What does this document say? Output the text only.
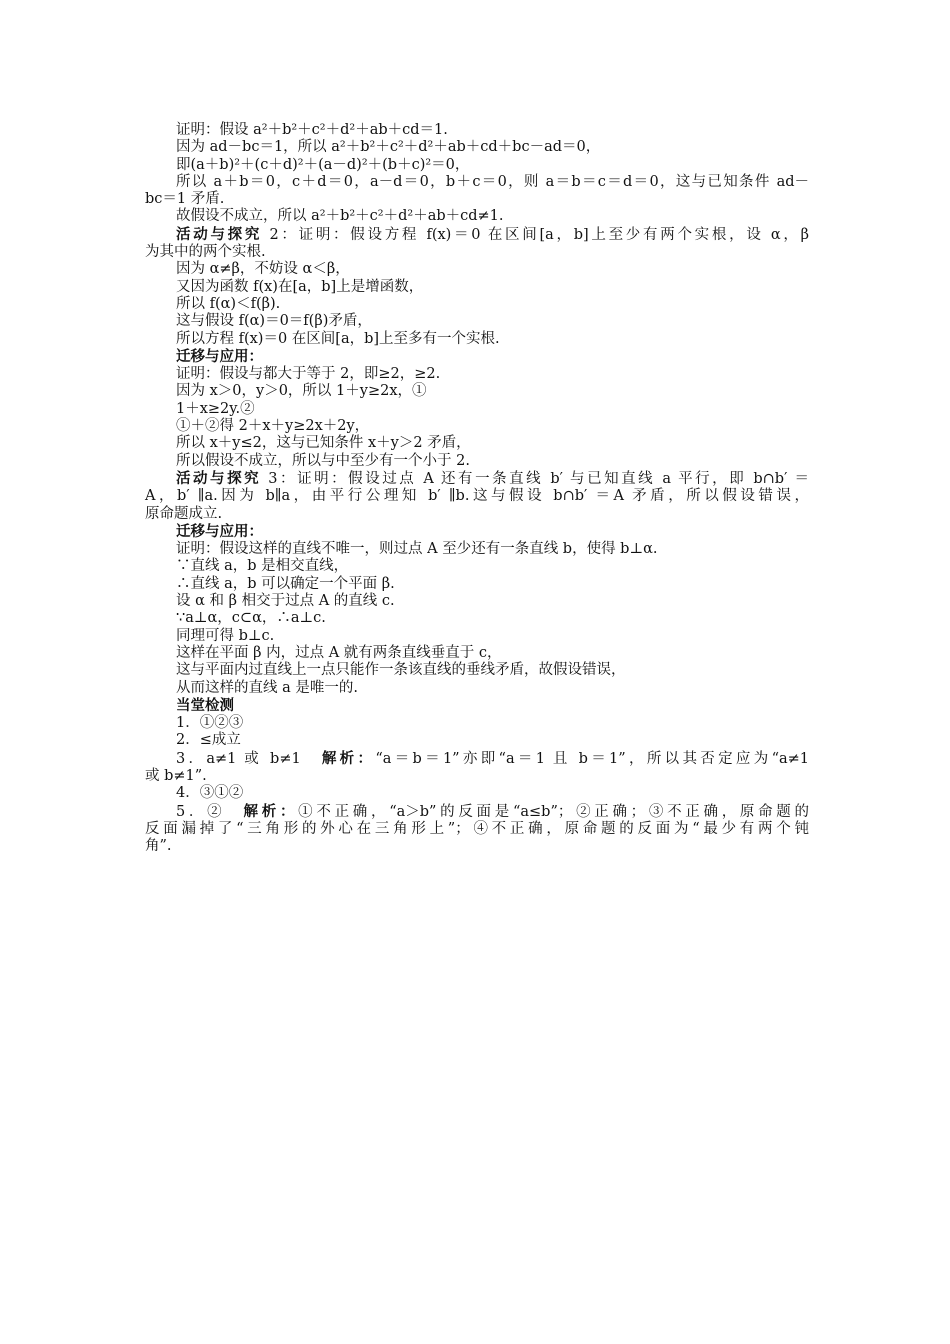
证明：假设 a²＋b²＋c²＋d²＋ab＋cd＝1.
因为 ad－bc＝1，所以 a²＋b²＋c²＋d²＋ab＋cd＋bc－ad＝0，
即(a＋b)²＋(c＋d)²＋(a－d)²＋(b＋c)²＝0，
所以 a＋b＝0，c＋d＝0，a－d＝0，b＋c＝0，则 a＝b＝c＝d＝0，这与已知条件 ad－
bc＝1 矛盾.
故假设不成立，所以 a²＋b²＋c²＋d²＋ab＋cd≠1.
活动与探究 2：证明：假设方程 f(x)＝0 在区间[a，b]上至少有两个实根，设 α，β
为其中的两个实根.
因为 α≠β，不妨设 α＜β，
又因为函数 f(x)在[a，b]上是增函数，
所以 f(α)＜f(β).
这与假设 f(α)＝0＝f(β)矛盾，
所以方程 f(x)＝0 在区间[a，b]上至多有一个实根.
迁移与应用：
证明：假设与都大于等于 2，即≥2，≥2.
因为 x＞0，y＞0，所以 1＋y≥2x，①
1＋x≥2y.②
①＋②得 2＋x＋y≥2x＋2y，
所以 x＋y≤2，这与已知条件 x＋y＞2 矛盾，
所以假设不成立，所以与中至少有一个小于 2.
活动与探究 3：证明：假设过点 A 还有一条直线 b′ 与已知直线 a 平行，即 b∩b′ ＝
A，b′ ∥a.因为 b∥a，由平行公理知 b′ ∥b.这与假设 b∩b′ ＝A 矛盾，所以假设错误，
原命题成立.
迁移与应用：
证明：假设这样的直线不唯一，则过点 A 至少还有一条直线 b，使得 b⊥α.
∵直线 a，b 是相交直线，
∴直线 a，b 可以确定一个平面 β.
设 α 和 β 相交于过点 A 的直线 c.
∵a⊥α，c⊂α，∴a⊥c.
同理可得 b⊥c.
这样在平面 β 内，过点 A 就有两条直线垂直于 c，
这与平面内过直线上一点只能作一条该直线的垂线矛盾，故假设错误，
从而这样的直线 a 是唯一的.
当堂检测
1．①②③
2．≤成立
3．a≠1 或 b≠1　解析：“a＝b＝1”亦即“a＝1 且 b＝1”，所以其否定应为“a≠1
或 b≠1”.
4．③①②
5．②　解析：①不正确，“a＞b”的反面是“a≤b”；②正确；③不正确，原命题的
反面漏掉了“三角形的外心在三角形上”；④不正确，原命题的反面为“最少有两个钝
角”.
